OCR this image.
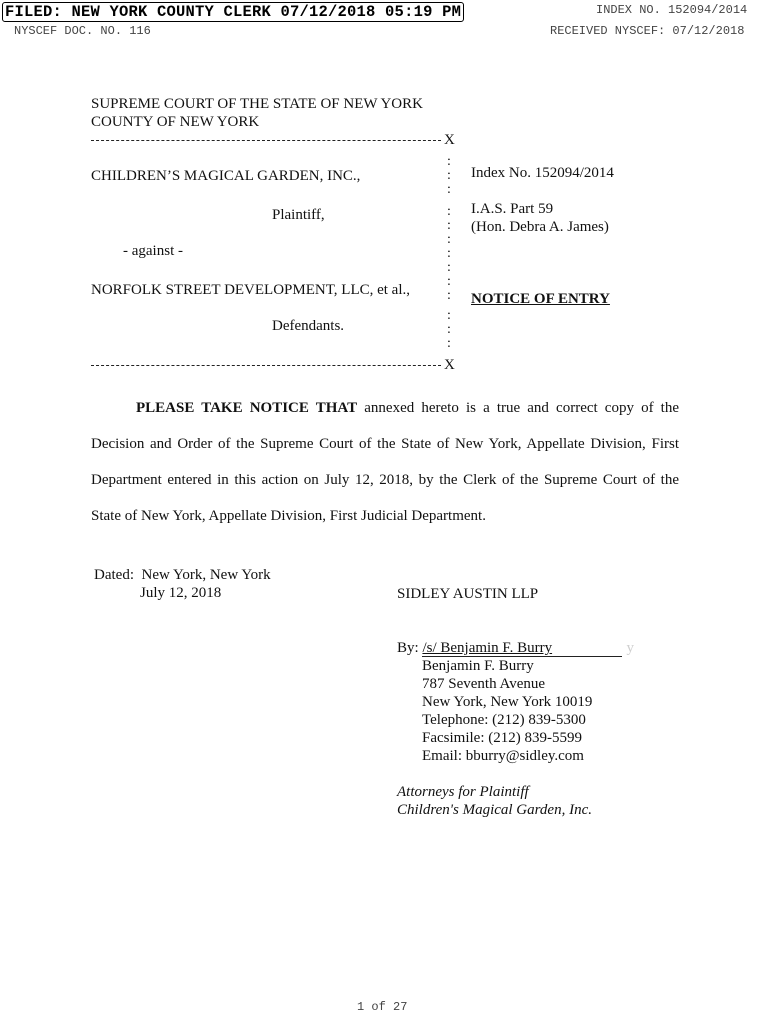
FILED: NEW YORK COUNTY CLERK 07/12/2018 05:19 PM	INDEX NO. 152094/2014
NYSCEF DOC. NO. 116	RECEIVED NYSCEF: 07/12/2018
SUPREME COURT OF THE STATE OF NEW YORK
COUNTY OF NEW YORK
X
:
:
:
:
:
:
:
:
:
:
:
:
:
CHILDREN’S MAGICAL GARDEN, INC.,
Plaintiff,
- against -
NORFOLK STREET DEVELOPMENT, LLC, et al.,
Defendants.
Index No. 152094/2014
I.A.S. Part 59
(Hon. Debra A. James)
NOTICE OF ENTRY
X
PLEASE TAKE NOTICE THAT annexed hereto is a true and correct copy of the
Decision and Order of the Supreme Court of the State of New York, Appellate Division, First
Department entered in this action on July 12, 2018, by the Clerk of the Supreme Court of the
State of New York, Appellate Division, First Judicial Department.
Dated: New York, New York
July 12, 2018	SIDLEY AUSTIN LLP
By: /s/ Benjamin F. Burry	y
Benjamin F. Burry
787 Seventh Avenue
New York, New York 10019
Telephone: (212) 839-5300
Facsimile: (212) 839-5599
Email: bburry@sidley.com
Attorneys for Plaintiff
Children's Magical Garden, Inc.
1 of 27
